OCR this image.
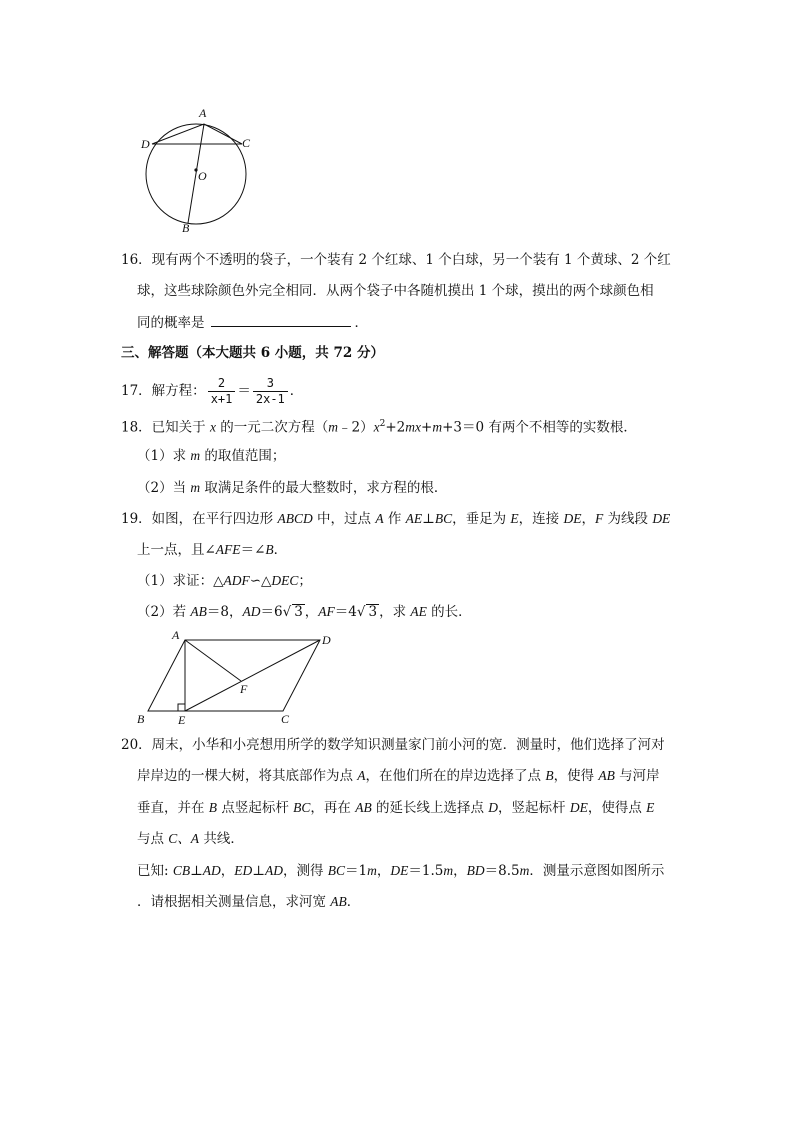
A
C
D
O
B
16．现有两个不透明的袋子，一个装有 2 个红球、1 个白球，另一个装有 1 个黄球、2 个红
球，这些球除颜色外完全相同．从两个袋子中各随机摸出 1 个球，摸出的两个球颜色相
同的概率是	．
三、解答题（本大题共 6 小题，共 72 分）
17．解方程： $\frac{2}{x+1} = \frac{3}{2x-1}$ ．
18．已知关于 x 的一元二次方程$(m﹣2)x^2+2mx+m+3=0$ 有两个不相等的实数根．
（1）求 m 的取值范围；
（2）当 m 取满足条件的最大整数时，求方程的根．
19．如图，在平行四边形 ABCD 中，过点 A 作 AE⊥BC，垂足为 E，连接 DE，F 为线段 DE
上一点，且∠AFE＝∠B．
（1）求证：△ADF∽△DEC；
（2）若 AB＝8，AD＝6√ 3 ，AF＝4√ 3 ，求 AE 的长．
A	D
F
B	E	C
20．周末，小华和小亮想用所学的数学知识测量家门前小河的宽．测量时，他们选择了河对
岸岸边的一棵大树，将其底部作为点 A，在他们所在的岸边选择了点 B，使得 AB 与河岸
垂直，并在 B 点竖起标杆 BC，再在 AB 的延长线上选择点 D，竖起标杆 DE，使得点 E
与点 C、A 共线．
已知: CB⊥AD，ED⊥AD，测得 BC＝1m，DE＝1.5m，BD＝8.5m．测量示意图如图所示
．请根据相关测量信息，求河宽 AB．
